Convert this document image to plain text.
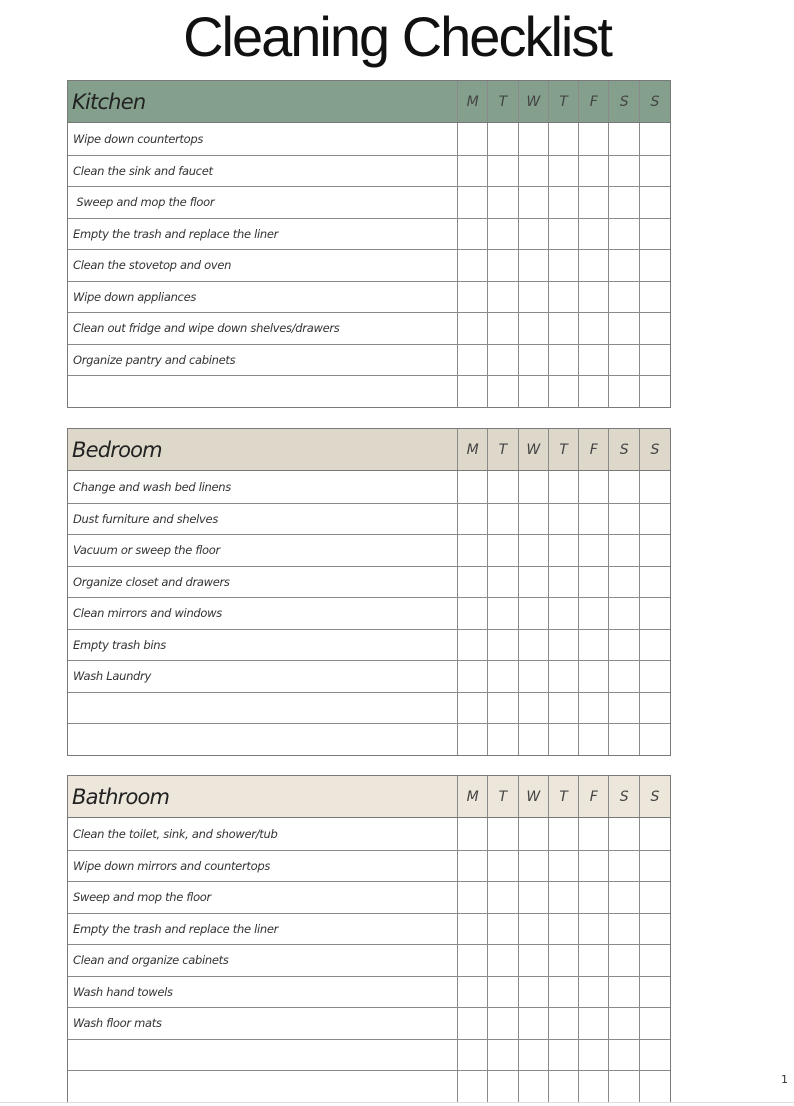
Cleaning Checklist
Kitchen	M	T	W	T	F	S	S
Wipe down countertops
Clean the sink and faucet
Sweep and mop the floor
Empty the trash and replace the liner
Clean the stovetop and oven
Wipe down appliances
Clean out fridge and wipe down shelves/drawers
Organize pantry and cabinets
Bedroom	M	T	W	T	F	S	S
Change and wash bed linens
Dust furniture and shelves
Vacuum or sweep the floor
Organize closet and drawers
Clean mirrors and windows
Empty trash bins
Wash Laundry
Bathroom	M	T	W	T	F	S	S
Clean the toilet, sink, and shower/tub
Wipe down mirrors and countertops
Sweep and mop the floor
Empty the trash and replace the liner
Clean and organize cabinets
Wash hand towels
Wash floor mats
1
